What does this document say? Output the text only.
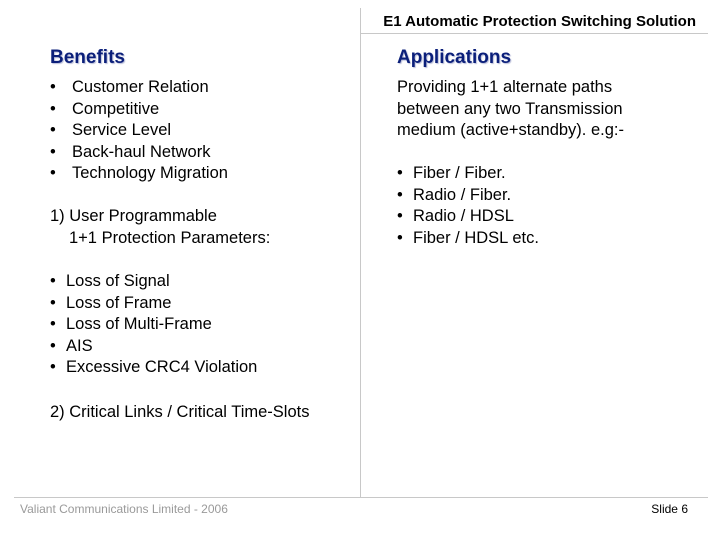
E1 Automatic Protection Switching Solution
Benefits
• Customer Relation
• Competitive
• Service Level
• Back-haul Network
• Technology Migration
1) User Programmable
1+1 Protection Parameters:
• Loss of Signal
• Loss of Frame
• Loss of Multi-Frame
• AIS
• Excessive CRC4 Violation
2) Critical Links / Critical Time-Slots
Applications
Providing 1+1 alternate paths
between any two Transmission
medium (active+standby). e.g:-
• Fiber / Fiber.
• Radio / Fiber.
• Radio / HDSL
• Fiber / HDSL etc.
Valiant Communications Limited - 2006	Slide 6
